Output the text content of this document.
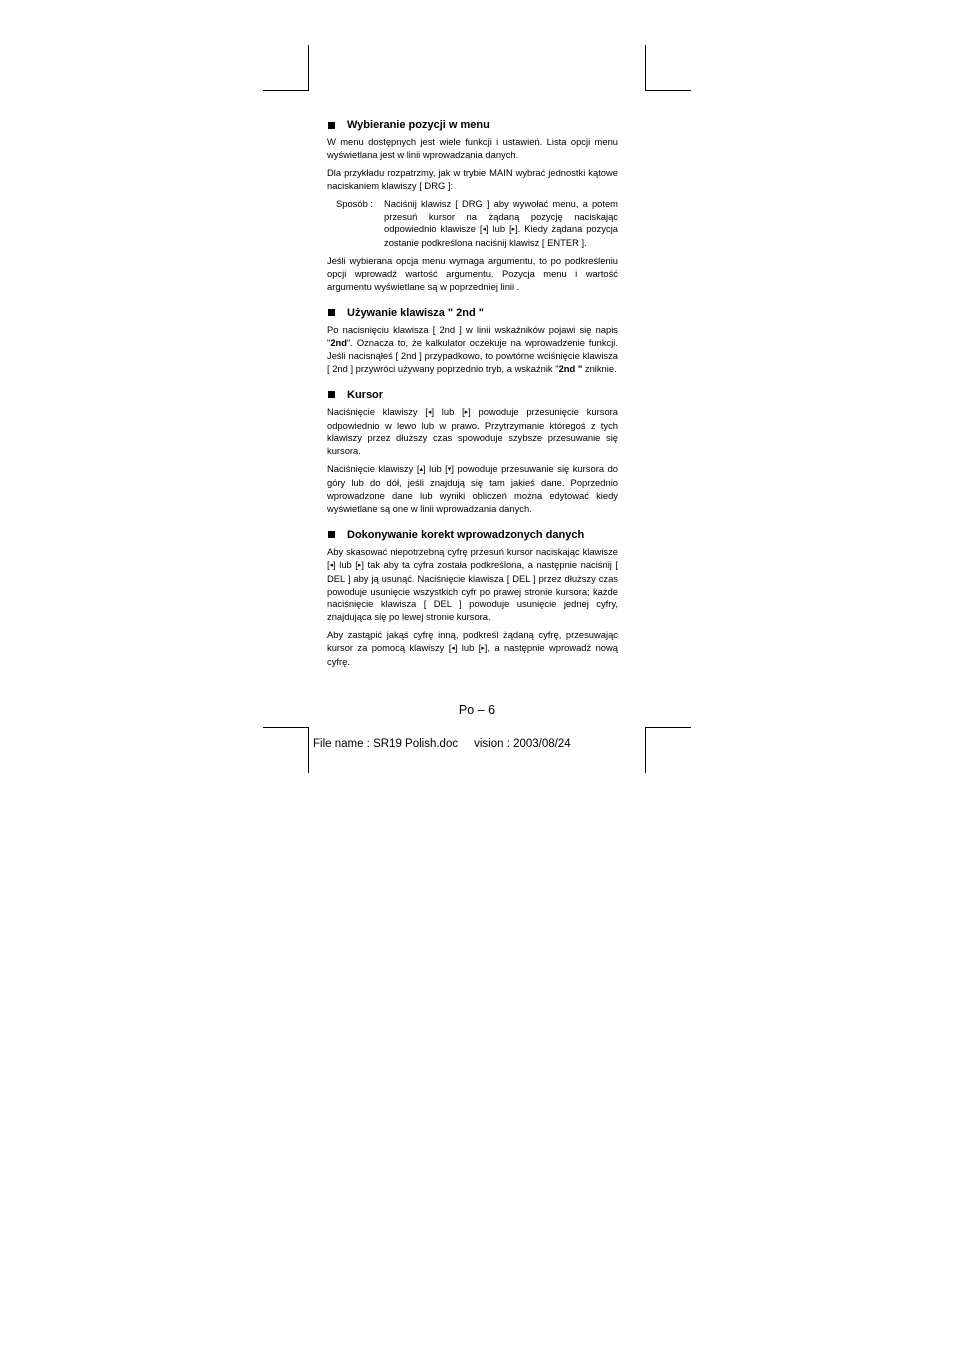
Wybieranie pozycji w menu

W menu dostępnych jest wiele funkcji i ustawień. Lista opcji menu wyświetlana jest w linii wprowadzania danych.

Dla przykładu rozpatrzmy, jak w trybie MAIN wybrać jednostki kątowe naciskaniem klawiszy [ DRG ]:

Sposób :	Naciśnij klawisz [ DRG ] aby wywołać menu, a potem przesuń kursor na żądaną pozycję naciskając odpowiednio klawisze [◂] lub [▸]. Kiedy żądana pozycja zostanie podkreślona naciśnij klawisz [ ENTER ].

Jeśli wybierana opcja menu wymaga argumentu, to po podkreśleniu opcji wprowadź wartość argumentu. Pozycja menu i wartość argumentu wyświetlane są w poprzedniej linii .

Używanie klawisza " 2nd "

Po nacisnięciu klawisza [ 2nd ] w linii wskaźników pojawi się napis "2nd". Oznacza to, że kalkulator oczekuje na wprowadzenie funkcji. Jeśli nacisnąłeś [ 2nd ] przypadkowo, to powtórne wciśnięcie klawisza [ 2nd ] przywróci używany poprzednio tryb, a wskaźnik "2nd " zniknie.

Kursor

Naciśnięcie klawiszy [◂] lub [▸] powoduje przesunięcie kursora odpowiednio w lewo lub w prawo. Przytrzymanie któregoś z tych klawiszy przez dłuższy czas spowoduje szybsze przesuwanie się kursora.

Naciśnięcie klawiszy [▴] lub [▾] powoduje przesuwanie się kursora do góry lub do dół, jeśli znajdują się tam jakieś dane. Poprzednio wprowadzone dane lub wyniki obliczeń można edytować kiedy wyświetlane są one w linii wprowadzania danych.

Dokonywanie korekt wprowadzonych danych

Aby skasować niepotrzebną cyfrę przesuń kursor naciskając klawisze [◂] lub [▸] tak aby ta cyfra została podkreślona, a następnie naciśnij [ DEL ] aby ją usunąć. Naciśnięcie klawisza [ DEL ] przez dłuższy czas powoduje usunięcie wszystkich cyfr po prawej stronie kursora; każde naciśnięcie klawisza [ DEL ] powoduje usunięcie jednej cyfry, znajdująca się po lewej stronie kursora.

Aby zastąpić jakąś cyfrę inną, podkreśl żądaną cyfrę, przesuwając kursor za pomocą klawiszy [◂] lub [▸], a następnie wprowadź nową cyfrę.

Po – 6
File name : SR19 Polish.doc vision : 2003/08/24
